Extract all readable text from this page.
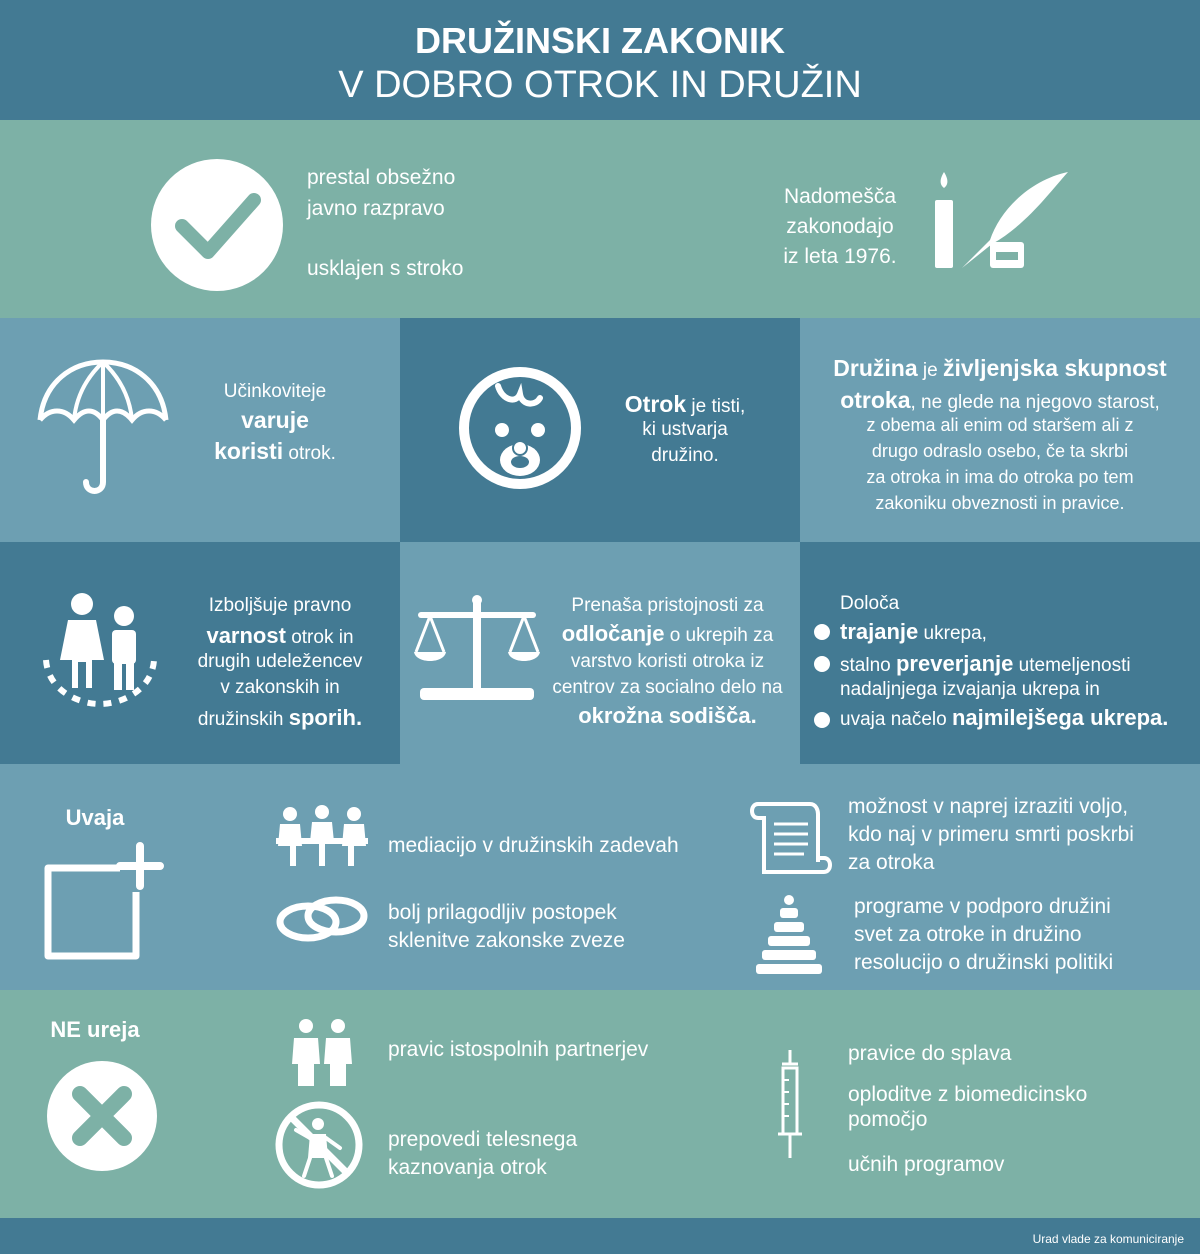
DRUŽINSKI ZAKONIK
V DOBRO OTROK IN DRUŽIN
prestal obsežno
javno razpravo
usklajen s stroko
Nadomešča
zakonodajo
iz leta 1976.
Učinkoviteje
varuje
koristi otrok.
Otrok je tisti,
ki ustvarja
družino.
Družina je življenjska skupnost
otroka, ne glede na njegovo starost,
z obema ali enim od staršem ali z
drugo odraslo osebo, če ta skrbi
za otroka in ima do otroka po tem
zakoniku obveznosti in pravice.
Izboljšuje pravno
varnost otrok in
drugih udeležencev
v zakonskih in
družinskih sporih.
Prenaša pristojnosti za
odločanje o ukrepih za
varstvo koristi otroka iz
centrov za socialno delo na
okrožna sodišča.
Določa
trajanje ukrepa,
stalno preverjanje utemeljenosti
nadaljnjega izvajanja ukrepa in
uvaja načelo najmilejšega ukrepa.
Uvaja
mediacijo v družinskih zadevah
bolj prilagodljiv postopek
sklenitve zakonske zveze
možnost v naprej izraziti voljo,
kdo naj v primeru smrti poskrbi
za otroka
programe v podporo družini
svet za otroke in družino
resolucijo o družinski politiki
NE ureja
pravic istospolnih partnerjev
prepovedi telesnega
kaznovanja otrok
pravice do splava
oploditve z biomedicinsko
pomočjo
učnih programov
Urad vlade za komuniciranje
